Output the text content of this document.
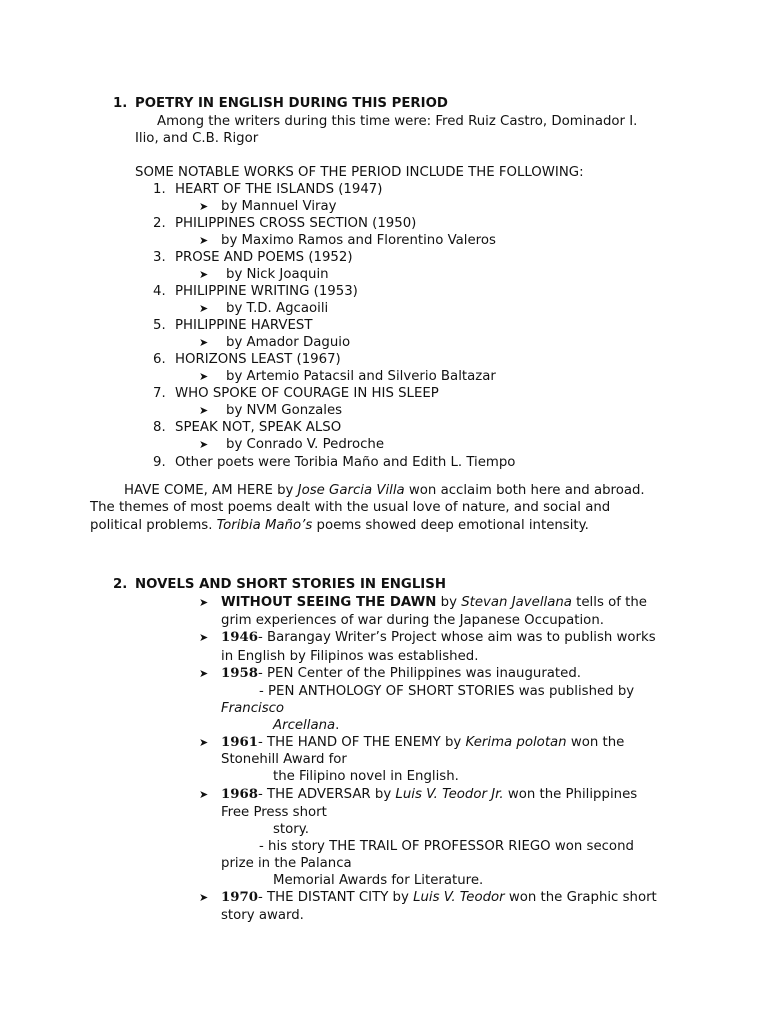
1. POETRY IN ENGLISH DURING THIS PERIOD
Among the writers during this time were: Fred Ruiz Castro, Dominador I.
Ilio, and C.B. Rigor
SOME NOTABLE WORKS OF THE PERIOD INCLUDE THE FOLLOWING:
1. HEART OF THE ISLANDS (1947)
➤ by Mannuel Viray
2. PHILIPPINES CROSS SECTION (1950)
➤ by Maximo Ramos and Florentino Valeros
3. PROSE AND POEMS (1952)
➤ by Nick Joaquin
4. PHILIPPINE WRITING (1953)
➤ by T.D. Agcaoili
5. PHILIPPINE HARVEST
➤ by Amador Daguio
6. HORIZONS LEAST (1967)
➤ by Artemio Patacsil and Silverio Baltazar
7. WHO SPOKE OF COURAGE IN HIS SLEEP
➤ by NVM Gonzales
8. SPEAK NOT, SPEAK ALSO
➤ by Conrado V. Pedroche
9. Other poets were Toribia Maño and Edith L. Tiempo
HAVE COME, AM HERE by Jose Garcia Villa won acclaim both here and abroad.
The themes of most poems dealt with the usual love of nature, and social and
political problems. Toribia Maño’s poems showed deep emotional intensity.
2. NOVELS AND SHORT STORIES IN ENGLISH
➤ WITHOUT SEEING THE DAWN by Stevan Javellana tells of the
grim experiences of war during the Japanese Occupation.
➤ 1946- Barangay Writer’s Project whose aim was to publish works
in English by Filipinos was established.
➤ 1958- PEN Center of the Philippines was inaugurated.
- PEN ANTHOLOGY OF SHORT STORIES was published by
Francisco
Arcellana.
➤ 1961- THE HAND OF THE ENEMY by Kerima polotan won the
Stonehill Award for
the Filipino novel in English.
➤ 1968- THE ADVERSAR by Luis V. Teodor Jr. won the Philippines
Free Press short
story.
- his story THE TRAIL OF PROFESSOR RIEGO won second
prize in the Palanca
Memorial Awards for Literature.
➤ 1970- THE DISTANT CITY by Luis V. Teodor won the Graphic short
story award.
